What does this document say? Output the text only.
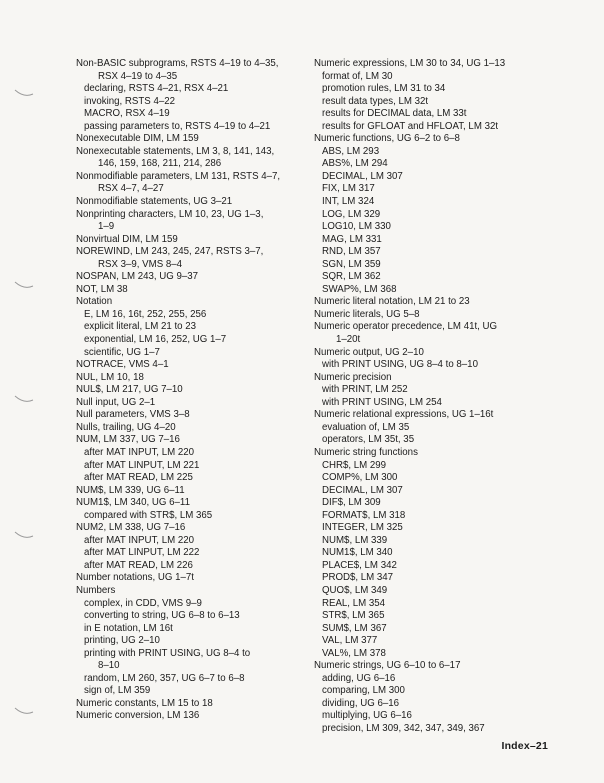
Non-BASIC subprograms, RSTS 4–19 to 4–35,
RSX 4–19 to 4–35
declaring, RSTS 4–21, RSX 4–21
invoking, RSTS 4–22
MACRO, RSX 4–19
passing parameters to, RSTS 4–19 to 4–21
Nonexecutable DIM, LM 159
Nonexecutable statements, LM 3, 8, 141, 143,
146, 159, 168, 211, 214, 286
Nonmodifiable parameters, LM 131, RSTS 4–7,
RSX 4–7, 4–27
Nonmodifiable statements, UG 3–21
Nonprinting characters, LM 10, 23, UG 1–3,
1–9
Nonvirtual DIM, LM 159
NOREWIND, LM 243, 245, 247, RSTS 3–7,
RSX 3–9, VMS 8–4
NOSPAN, LM 243, UG 9–37
NOT, LM 38
Notation
E, LM 16, 16t, 252, 255, 256
explicit literal, LM 21 to 23
exponential, LM 16, 252, UG 1–7
scientific, UG 1–7
NOTRACE, VMS 4–1
NUL, LM 10, 18
NUL$, LM 217, UG 7–10
Null input, UG 2–1
Null parameters, VMS 3–8
Nulls, trailing, UG 4–20
NUM, LM 337, UG 7–16
after MAT INPUT, LM 220
after MAT LINPUT, LM 221
after MAT READ, LM 225
NUM$, LM 339, UG 6–11
NUM1$, LM 340, UG 6–11
compared with STR$, LM 365
NUM2, LM 338, UG 7–16
after MAT INPUT, LM 220
after MAT LINPUT, LM 222
after MAT READ, LM 226
Number notations, UG 1–7t
Numbers
complex, in CDD, VMS 9–9
converting to string, UG 6–8 to 6–13
in E notation, LM 16t
printing, UG 2–10
printing with PRINT USING, UG 8–4 to
8–10
random, LM 260, 357, UG 6–7 to 6–8
sign of, LM 359
Numeric constants, LM 15 to 18
Numeric conversion, LM 136
Numeric expressions, LM 30 to 34, UG 1–13
format of, LM 30
promotion rules, LM 31 to 34
result data types, LM 32t
results for DECIMAL data, LM 33t
results for GFLOAT and HFLOAT, LM 32t
Numeric functions, UG 6–2 to 6–8
ABS, LM 293
ABS%, LM 294
DECIMAL, LM 307
FIX, LM 317
INT, LM 324
LOG, LM 329
LOG10, LM 330
MAG, LM 331
RND, LM 357
SGN, LM 359
SQR, LM 362
SWAP%, LM 368
Numeric literal notation, LM 21 to 23
Numeric literals, UG 5–8
Numeric operator precedence, LM 41t, UG
1–20t
Numeric output, UG 2–10
with PRINT USING, UG 8–4 to 8–10
Numeric precision
with PRINT, LM 252
with PRINT USING, LM 254
Numeric relational expressions, UG 1–16t
evaluation of, LM 35
operators, LM 35t, 35
Numeric string functions
CHR$, LM 299
COMP%, LM 300
DECIMAL, LM 307
DIF$, LM 309
FORMAT$, LM 318
INTEGER, LM 325
NUM$, LM 339
NUM1$, LM 340
PLACE$, LM 342
PROD$, LM 347
QUO$, LM 349
REAL, LM 354
STR$, LM 365
SUM$, LM 367
VAL, LM 377
VAL%, LM 378
Numeric strings, UG 6–10 to 6–17
adding, UG 6–16
comparing, LM 300
dividing, UG 6–16
multiplying, UG 6–16
precision, LM 309, 342, 347, 349, 367
Index–21
